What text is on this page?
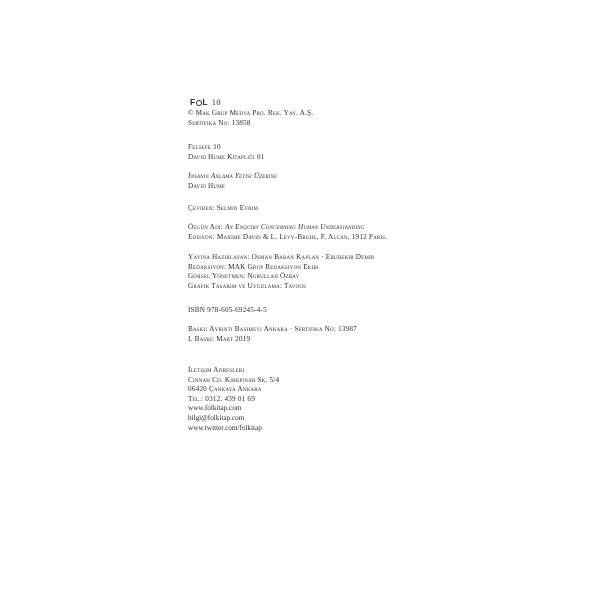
F L 10
© Mak Grup Medya Pro. Rek. Yay. A.Ş.
Sertifika No: 13858
Felsefe 10
David Hume Kitaplığı 01
İnsanın Anlama Yetisi Üzerine
David Hume
Çeviren: Selmin Evrim
Özgün Adı: An Enquiry Concerning Human Understanding
Edisyon: Maxime David & L. Levy-Bruhl, F. Alcan, 1912 Paris.
Yayına Hazırlayan: Osman Baran Kaplan · Ebubekir Demir
Redaksiyon: MAK Grup Redaksiyon Ekibi
Görsel Yönetmen: Nurullah Özbay
Grafik Tasarım ve Uygulama: Tavoos
ISBN 978-605-69245-4-5
Baskı: Ayrıntı Basımevi Ankara · Sertifika No: 13987
I. Baskı: Mart 2019
İletişim Adresleri
Cinnah Cd. Kırkpınar Sk. 5/4
06420 Çankaya Ankara
Tel.: 0312. 439 01 69
www.folkitap.com
bilgi@folkitap.com
www.twitter.com/folkitap
